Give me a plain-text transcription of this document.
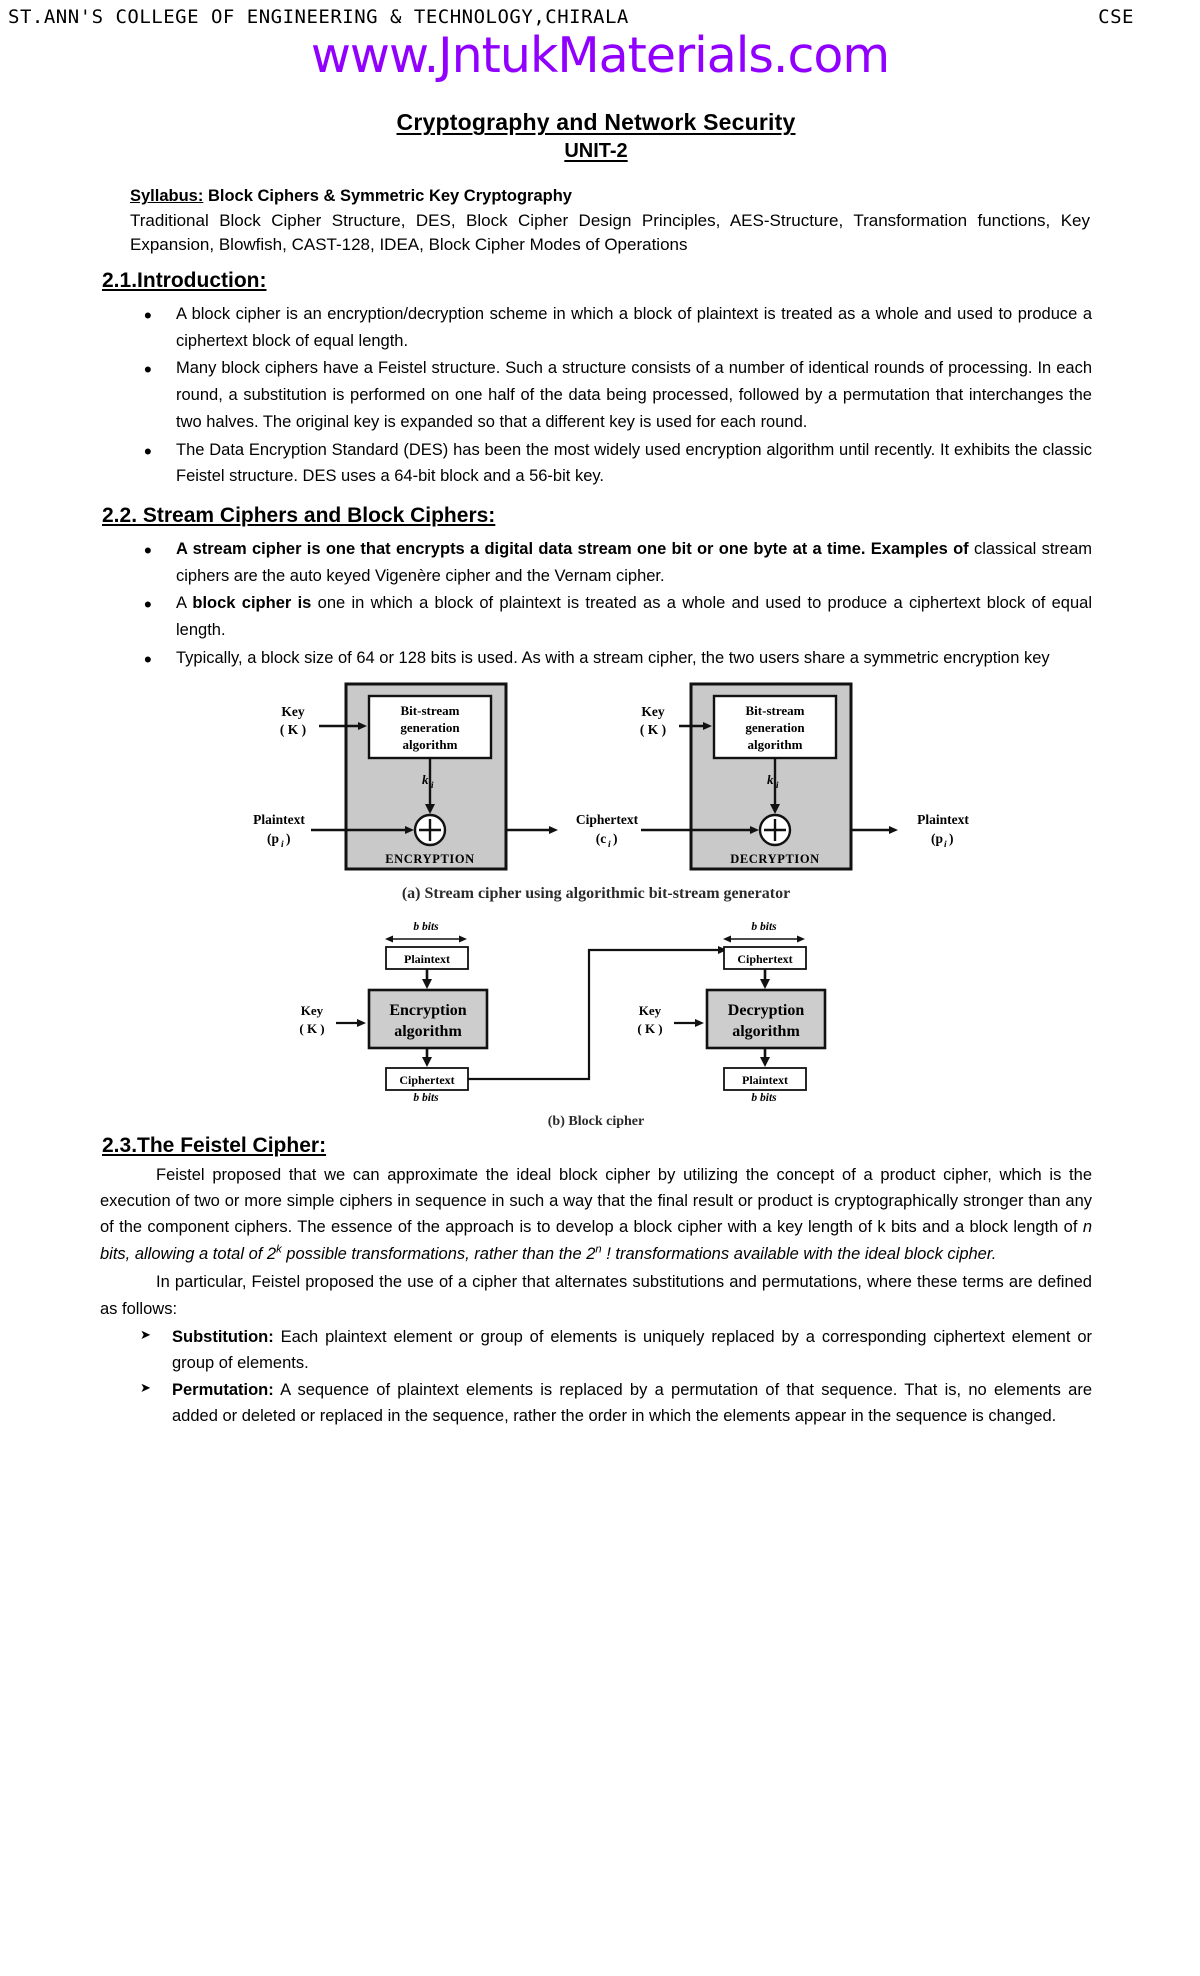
ST.ANN'S COLLEGE OF ENGINEERING & TECHNOLOGY,CHIRALA	CSE
www.JntukMaterials.com
Cryptography and Network Security
UNIT-2
Syllabus: Block Ciphers & Symmetric Key Cryptography
Traditional Block Cipher Structure, DES, Block Cipher Design Principles, AES-Structure, Transformation functions, Key Expansion, Blowfish, CAST-128, IDEA, Block Cipher Modes of Operations
2.1.Introduction:
• A block cipher is an encryption/decryption scheme in which a block of plaintext is treated as a whole and used to produce a ciphertext block of equal length.
• Many block ciphers have a Feistel structure. Such a structure consists of a number of identical rounds of processing. In each round, a substitution is performed on one half of the data being processed, followed by a permutation that interchanges the two halves. The original key is expanded so that a different key is used for each round.
• The Data Encryption Standard (DES) has been the most widely used encryption algorithm until recently. It exhibits the classic Feistel structure. DES uses a 64-bit block and a 56-bit key.
2.2. Stream Ciphers and Block Ciphers:
• A stream cipher is one that encrypts a digital data stream one bit or one byte at a time. Examples of classical stream ciphers are the auto keyed Vigenère cipher and the Vernam cipher.
• A block cipher is one in which a block of plaintext is treated as a whole and used to produce a ciphertext block of equal length.
• Typically, a block size of 64 or 128 bits is used. As with a stream cipher, the two users share a symmetric encryption key
Bit-stream
generation
algorithm
Key
( K )
k i
Plaintext
(p i )
ENCRYPTION
Ciphertext
(c i )
Bit-stream
generation
algorithm
Key
( K )
k i
DECRYPTION
Plaintext
(p i )
(a) Stream cipher using algorithmic bit-stream generator
b bits
Plaintext
Encryption
algorithm
Key
( K )
Ciphertext
b bits
b bits
Ciphertext
Decryption
algorithm
Key
( K )
Plaintext
b bits
(b) Block cipher
2.3.The Feistel Cipher:

Feistel proposed that we can approximate the ideal block cipher by utilizing the concept of a product cipher, which is the execution of two or more simple ciphers in sequence in such a way that the final result or product is cryptographically stronger than any of the component ciphers. The essence of the approach is to develop a block cipher with a key length of k bits and a block length of n bits, allowing a total of 2$^k$ possible transformations, rather than the 2$^n$ ! transformations available with the ideal block cipher.

In particular, Feistel proposed the use of a cipher that alternates substitutions and permutations, where these terms are defined as follows:

➤ Substitution: Each plaintext element or group of elements is uniquely replaced by a corresponding ciphertext element or group of elements.
➤ Permutation: A sequence of plaintext elements is replaced by a permutation of that sequence. That is, no elements are added or deleted or replaced in the sequence, rather the order in which the elements appear in the sequence is changed.
